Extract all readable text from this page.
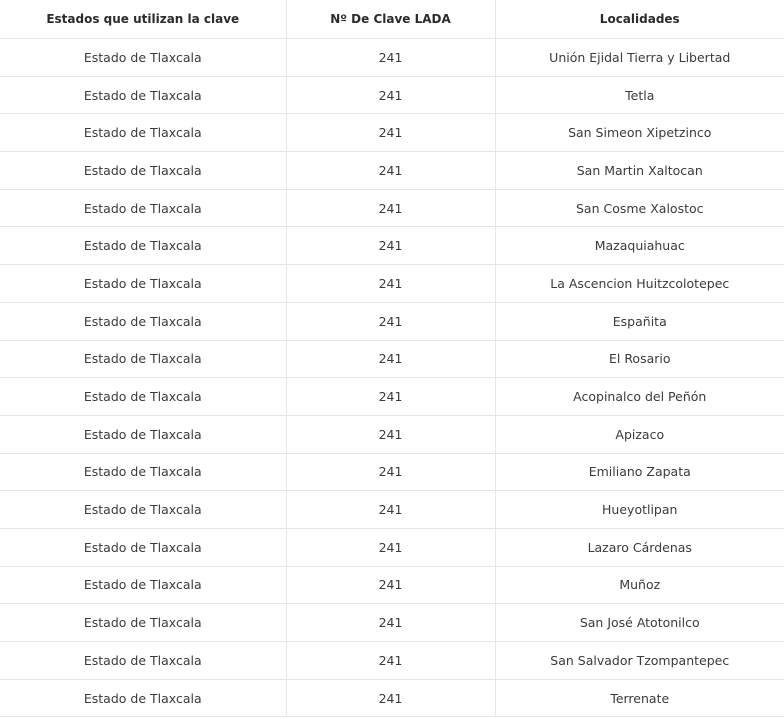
Estados que utilizan la clave	Nº De Clave LADA	Localidades
Estado de Tlaxcala	241	Unión Ejidal Tierra y Libertad
Estado de Tlaxcala	241	Tetla
Estado de Tlaxcala	241	San Simeon Xipetzinco
Estado de Tlaxcala	241	San Martin Xaltocan
Estado de Tlaxcala	241	San Cosme Xalostoc
Estado de Tlaxcala	241	Mazaquiahuac
Estado de Tlaxcala	241	La Ascencion Huitzcolotepec
Estado de Tlaxcala	241	Españita
Estado de Tlaxcala	241	El Rosario
Estado de Tlaxcala	241	Acopinalco del Peñón
Estado de Tlaxcala	241	Apizaco
Estado de Tlaxcala	241	Emiliano Zapata
Estado de Tlaxcala	241	Hueyotlipan
Estado de Tlaxcala	241	Lazaro Cárdenas
Estado de Tlaxcala	241	Muñoz
Estado de Tlaxcala	241	San José Atotonilco
Estado de Tlaxcala	241	San Salvador Tzompantepec
Estado de Tlaxcala	241	Terrenate
